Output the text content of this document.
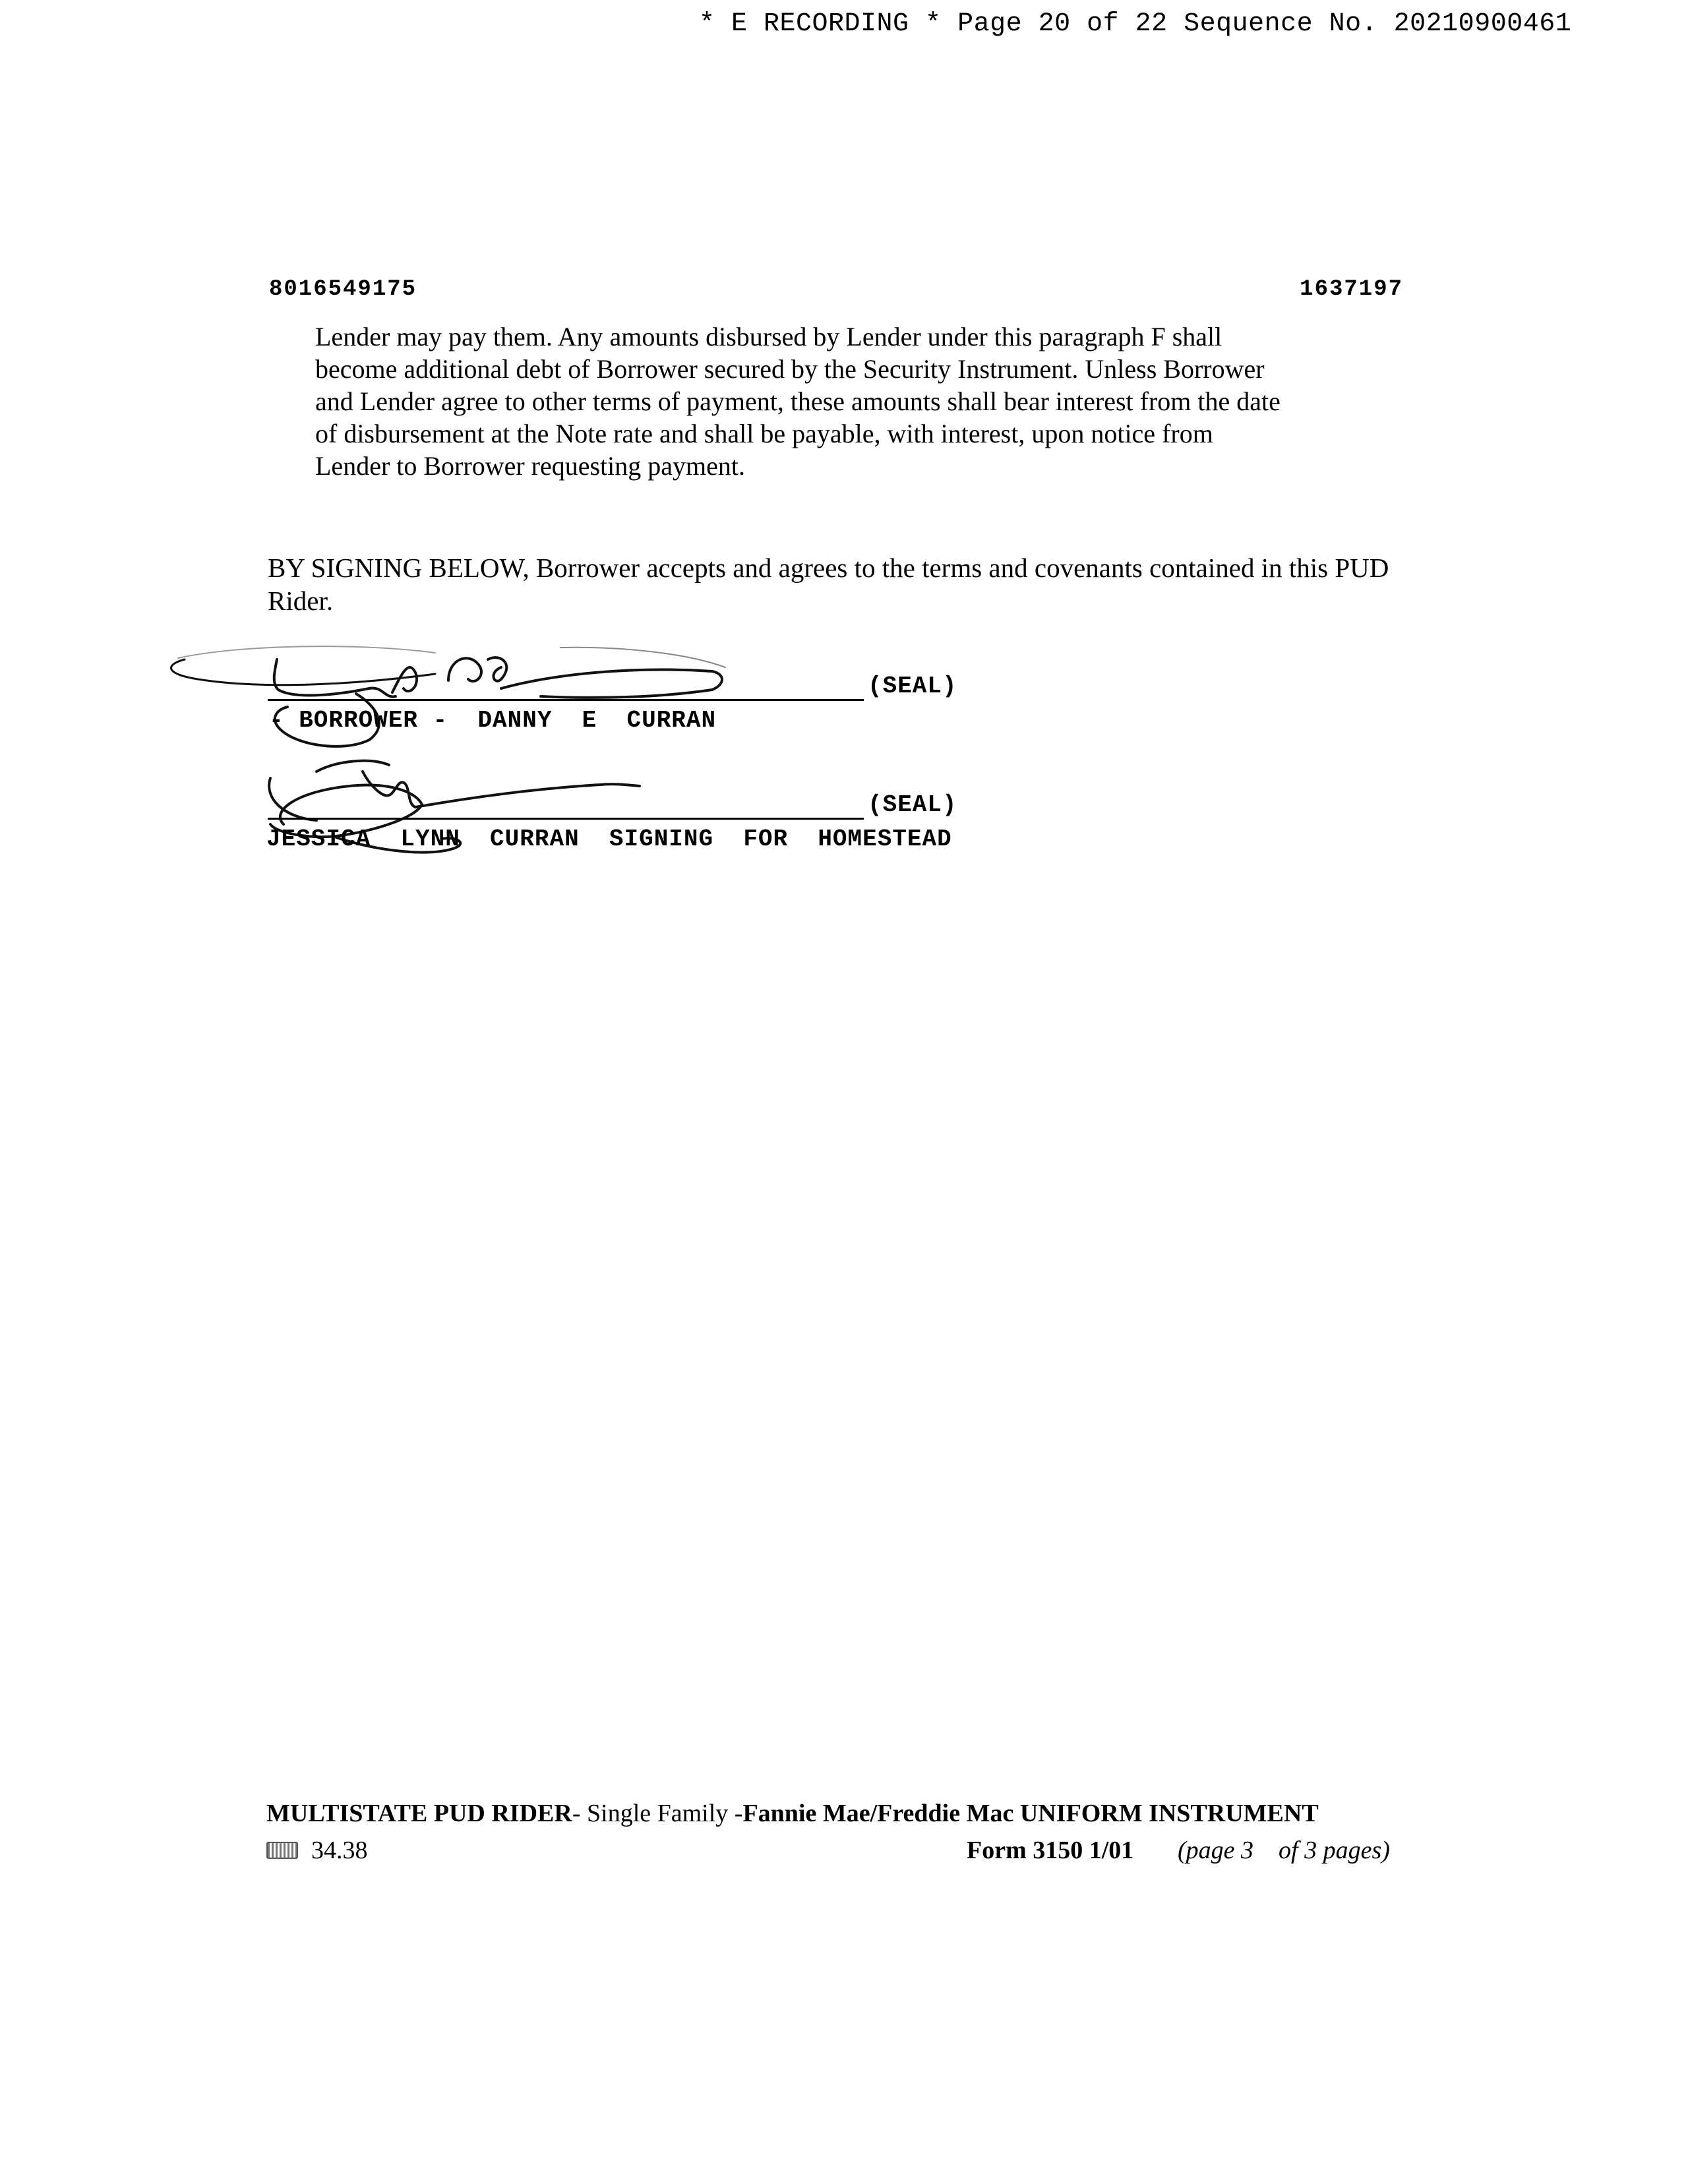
* E RECORDING * Page 20 of 22 Sequence No. 20210900461
8016549175	1637197

Lender may pay them. Any amounts disbursed by Lender under this paragraph F shall
become additional debt of Borrower secured by the Security Instrument. Unless Borrower
and Lender agree to other terms of payment, these amounts shall bear interest from the date
of disbursement at the Note rate and shall be payable, with interest, upon notice from
Lender to Borrower requesting payment.

BY SIGNING BELOW, Borrower accepts and agrees to the terms and covenants contained in this PUD Rider.

(SEAL)
- BORROWER -  DANNY  E  CURRAN
(SEAL)
JESSICA  LYNN  CURRAN  SIGNING  FOR  HOMESTEAD
MULTISTATE PUD RIDER- Single Family -Fannie Mae/Freddie Mac UNIFORM INSTRUMENT
34.38	Form 3150 1/01 (page 3    of 3 pages)
